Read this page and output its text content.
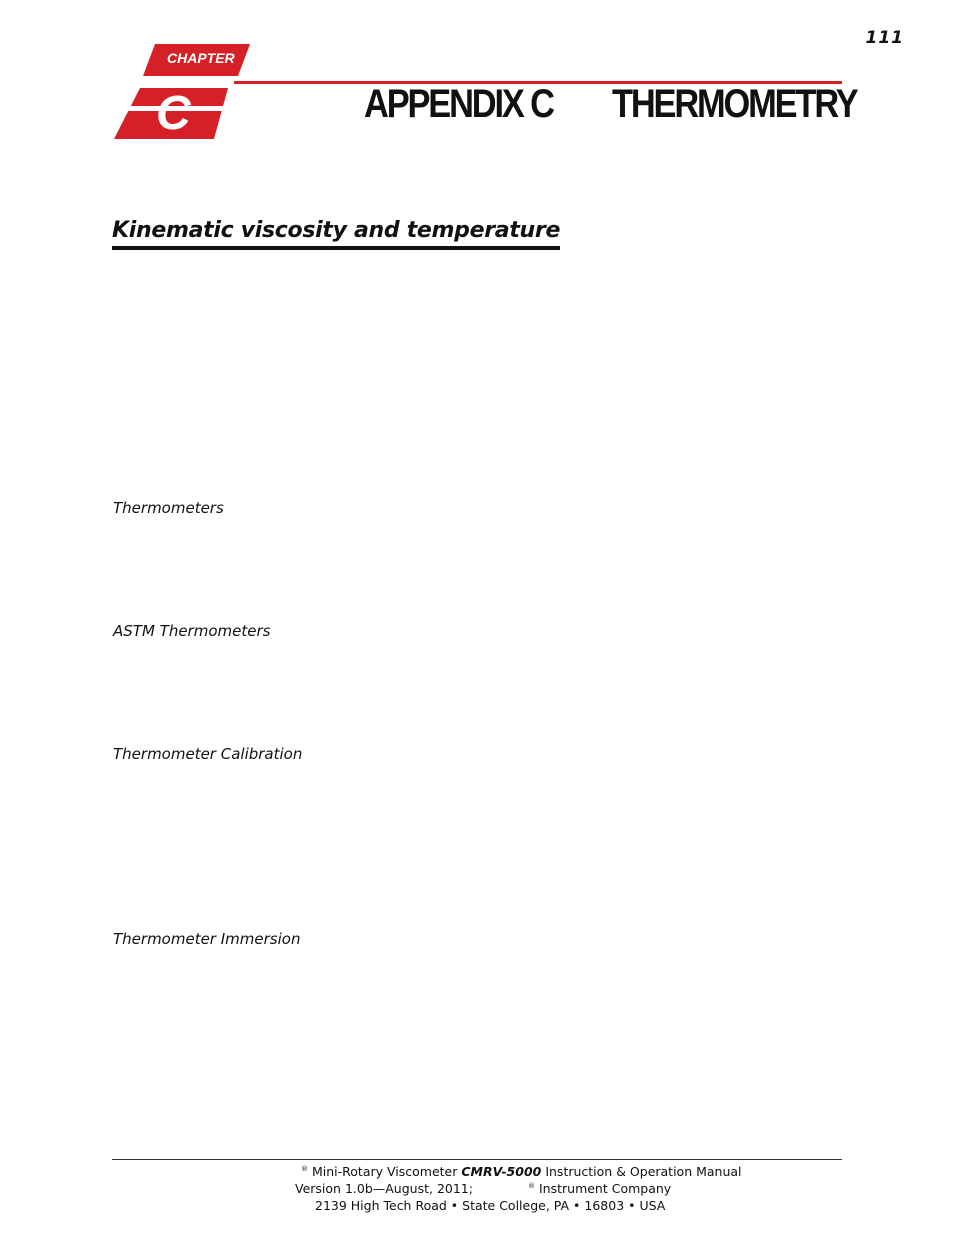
111
CHAPTER
C	APPENDIX C THERMOMETRY
Kinematic viscosity and temperature
Thermometers
ASTM Thermometers
Thermometer Calibration
Thermometer Immersion
® Mini-Rotary Viscometer CMRV-5000 Instruction & Operation Manual
Version 1.0b—August, 2011;	® Instrument Company
2139 High Tech Road • State College, PA • 16803 • USA
